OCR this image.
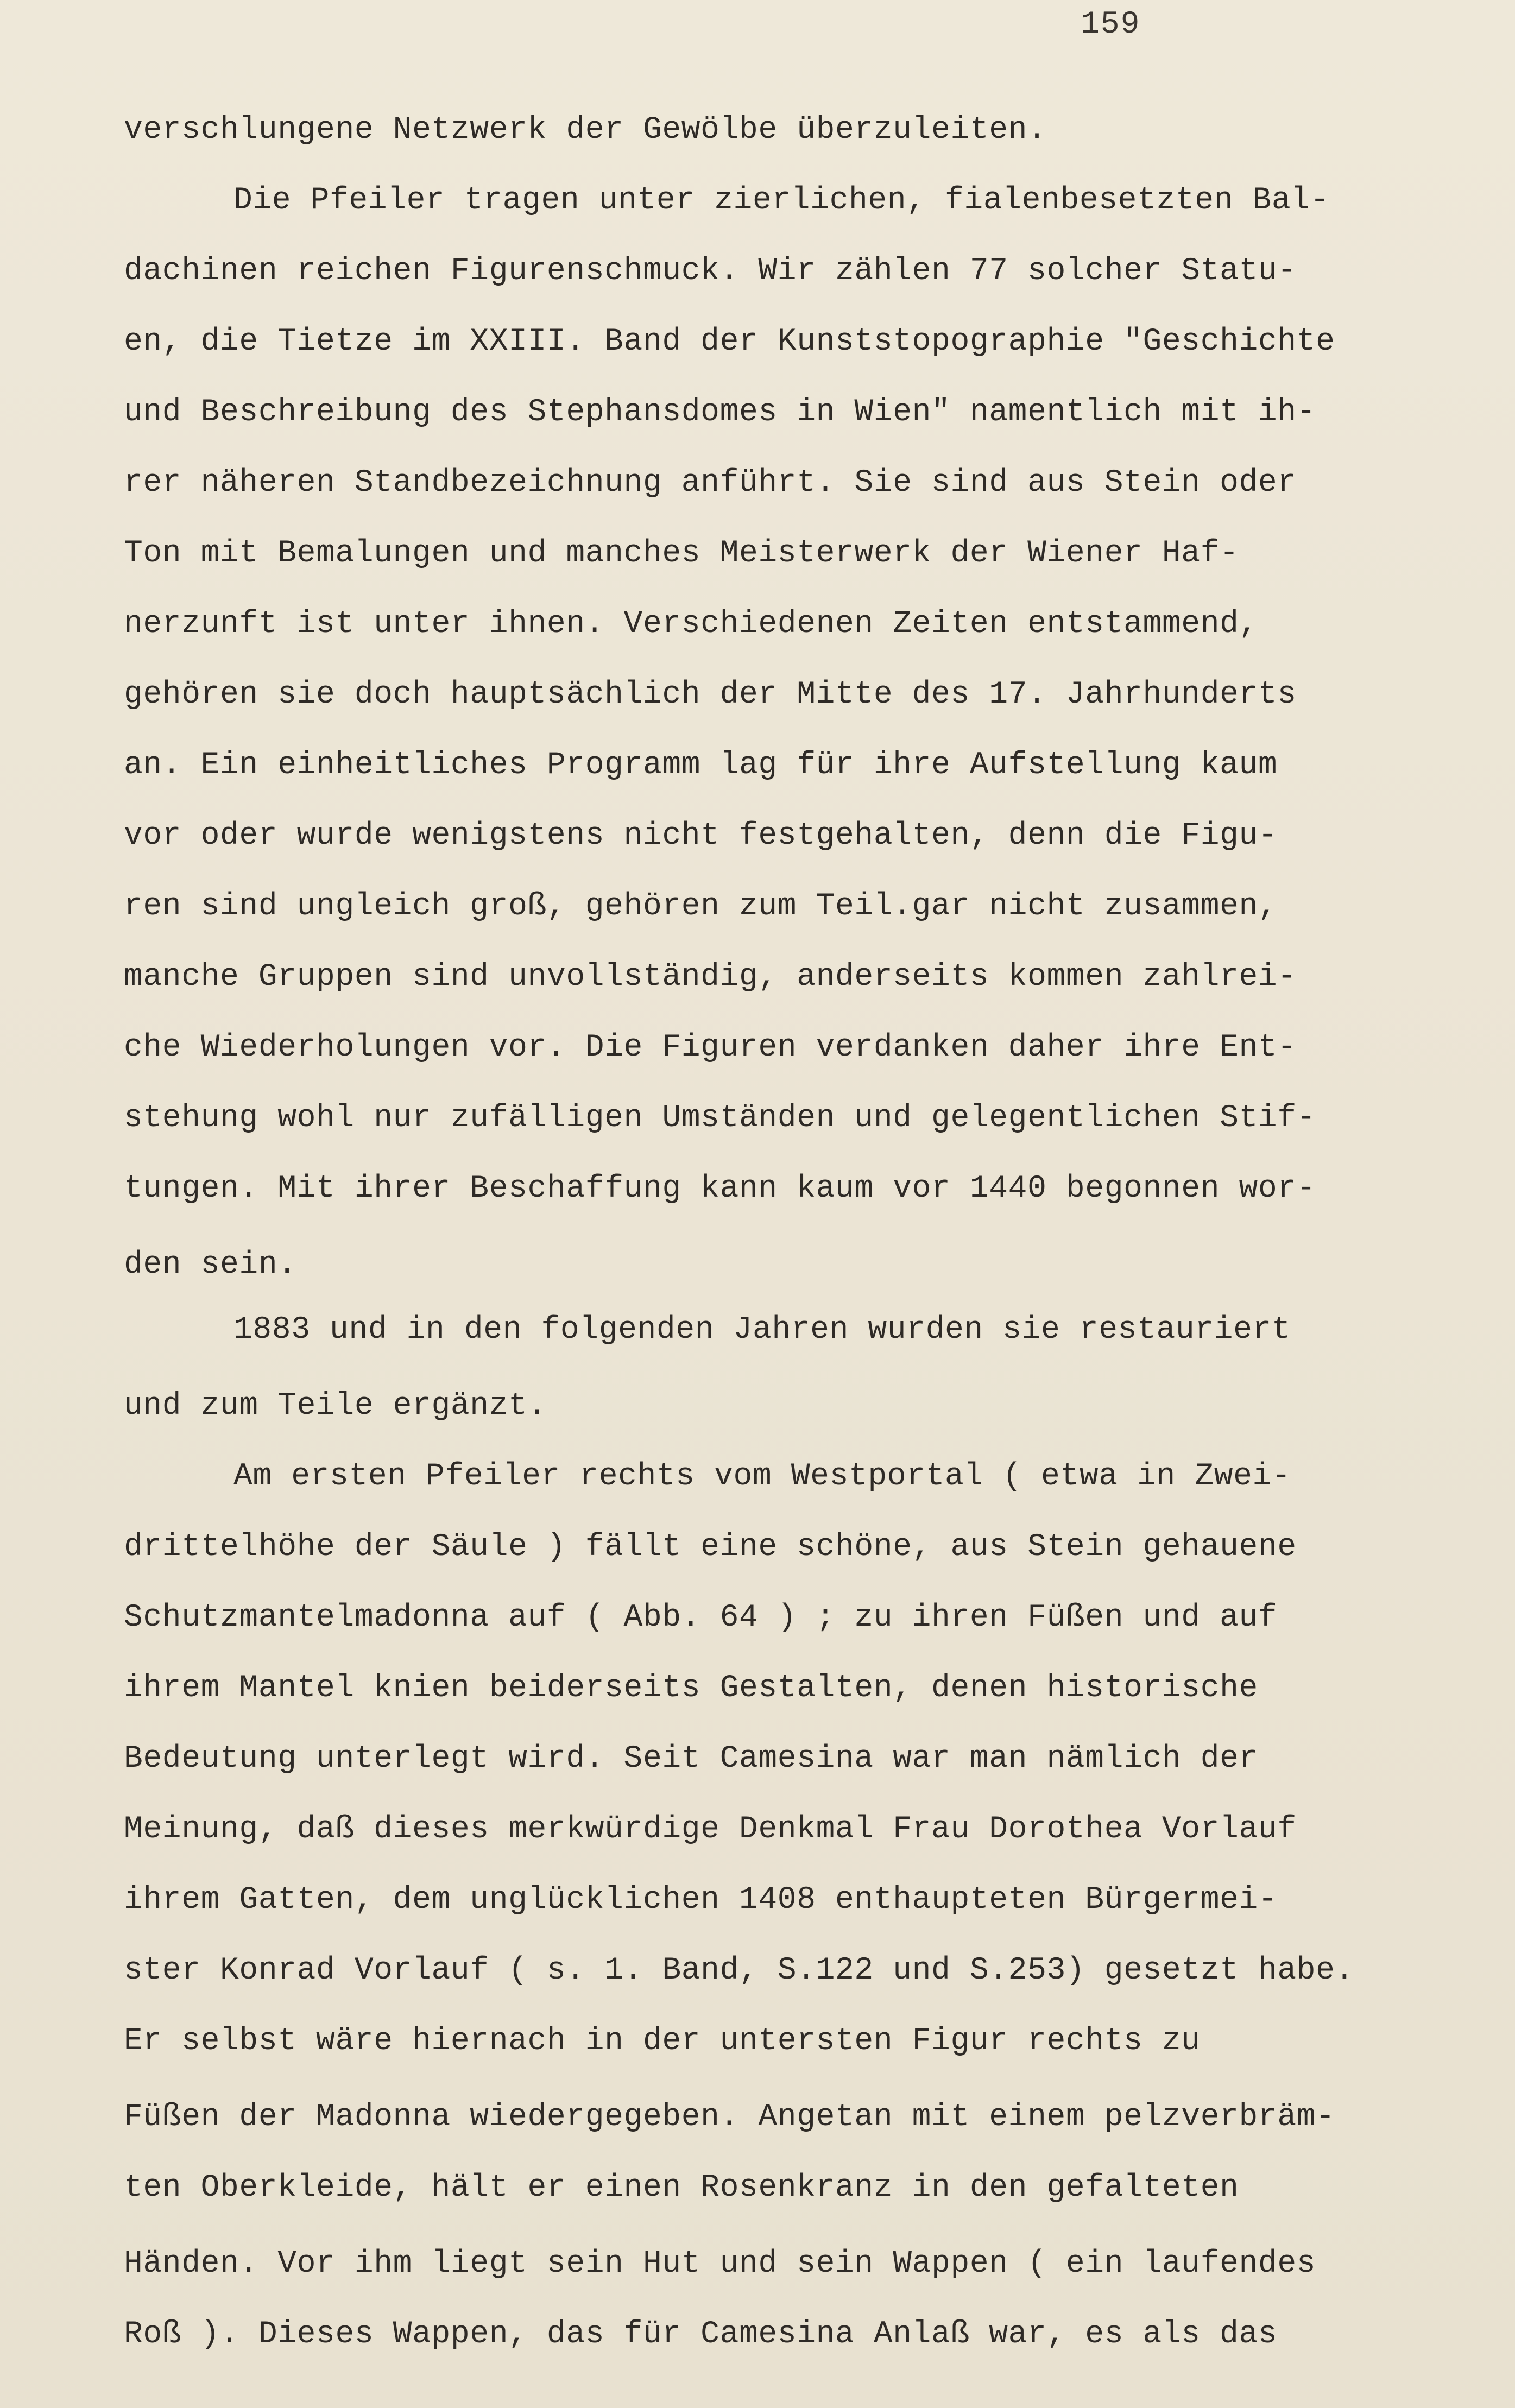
159
verschlungene Netzwerk der Gewölbe überzuleiten.
Die Pfeiler tragen unter zierlichen, fialenbesetzten Bal-
dachinen reichen Figurenschmuck. Wir zählen 77 solcher Statu-
en, die Tietze im XXIII. Band der Kunststopographie "Geschichte
und Beschreibung des Stephansdomes in Wien" namentlich mit ih-
rer näheren Standbezeichnung anführt. Sie sind aus Stein oder
Ton mit Bemalungen und manches Meisterwerk der Wiener Haf-
nerzunft ist unter ihnen. Verschiedenen Zeiten entstammend,
gehören sie doch hauptsächlich der Mitte des 17. Jahrhunderts
an. Ein einheitliches Programm lag für ihre Aufstellung kaum
vor oder wurde wenigstens nicht festgehalten, denn die Figu-
ren sind ungleich groß, gehören zum Teil.gar nicht zusammen,
manche Gruppen sind unvollständig, anderseits kommen zahlrei-
che Wiederholungen vor. Die Figuren verdanken daher ihre Ent-
stehung wohl nur zufälligen Umständen und gelegentlichen Stif-
tungen. Mit ihrer Beschaffung kann kaum vor 1440 begonnen wor-
den sein.
1883 und in den folgenden Jahren wurden sie restauriert
und zum Teile ergänzt.
Am ersten Pfeiler rechts vom Westportal ( etwa in Zwei-
drittelhöhe der Säule ) fällt eine schöne, aus Stein gehauene
Schutzmantelmadonna auf ( Abb. 64 ) ; zu ihren Füßen und auf
ihrem Mantel knien beiderseits Gestalten, denen historische
Bedeutung unterlegt wird. Seit Camesina war man nämlich der
Meinung, daß dieses merkwürdige Denkmal Frau Dorothea Vorlauf
ihrem Gatten, dem unglücklichen 1408 enthaupteten Bürgermei-
ster Konrad Vorlauf ( s. 1. Band, S.122 und S.253) gesetzt habe.
Er selbst wäre hiernach in der untersten Figur rechts zu
Füßen der Madonna wiedergegeben. Angetan mit einem pelzverbräm-
ten Oberkleide, hält er einen Rosenkranz in den gefalteten
Händen. Vor ihm liegt sein Hut und sein Wappen ( ein laufendes
Roß ). Dieses Wappen, das für Camesina Anlaß war, es als das
